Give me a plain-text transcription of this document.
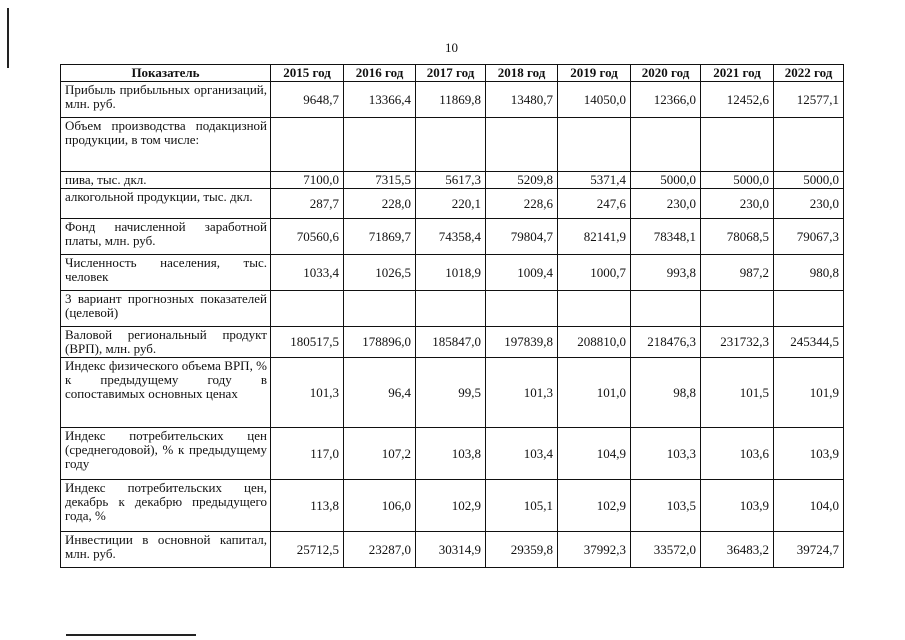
10
Показатель	2015 год	2016 год	2017 год	2018 год	2019 год	2020 год	2021 год	2022 год
Прибыль прибыльных организаций, млн. руб.	9648,7	13366,4	11869,8	13480,7	14050,0	12366,0	12452,6	12577,1
Объем производства подакцизной продукции, в том числе:								
пива, тыс. дкл.	7100,0	7315,5	5617,3	5209,8	5371,4	5000,0	5000,0	5000,0
алкогольной продукции, тыс. дкл.	287,7	228,0	220,1	228,6	247,6	230,0	230,0	230,0
Фонд начисленной заработной платы, млн. руб.	70560,6	71869,7	74358,4	79804,7	82141,9	78348,1	78068,5	79067,3
Численность населения, тыс. человек	1033,4	1026,5	1018,9	1009,4	1000,7	993,8	987,2	980,8
3 вариант прогнозных показателей (целевой)								
Валовой региональный продукт (ВРП), млн. руб.	180517,5	178896,0	185847,0	197839,8	208810,0	218476,3	231732,3	245344,5
Индекс физического объема ВРП, % к предыдущему году в сопоставимых основных ценах	101,3	96,4	99,5	101,3	101,0	98,8	101,5	101,9
Индекс потребительских цен (среднегодовой), % к предыдущему году	117,0	107,2	103,8	103,4	104,9	103,3	103,6	103,9
Индекс потребительских цен, декабрь к декабрю предыдущего года, %	113,8	106,0	102,9	105,1	102,9	103,5	103,9	104,0
Инвестиции в основной капитал, млн. руб.	25712,5	23287,0	30314,9	29359,8	37992,3	33572,0	36483,2	39724,7
